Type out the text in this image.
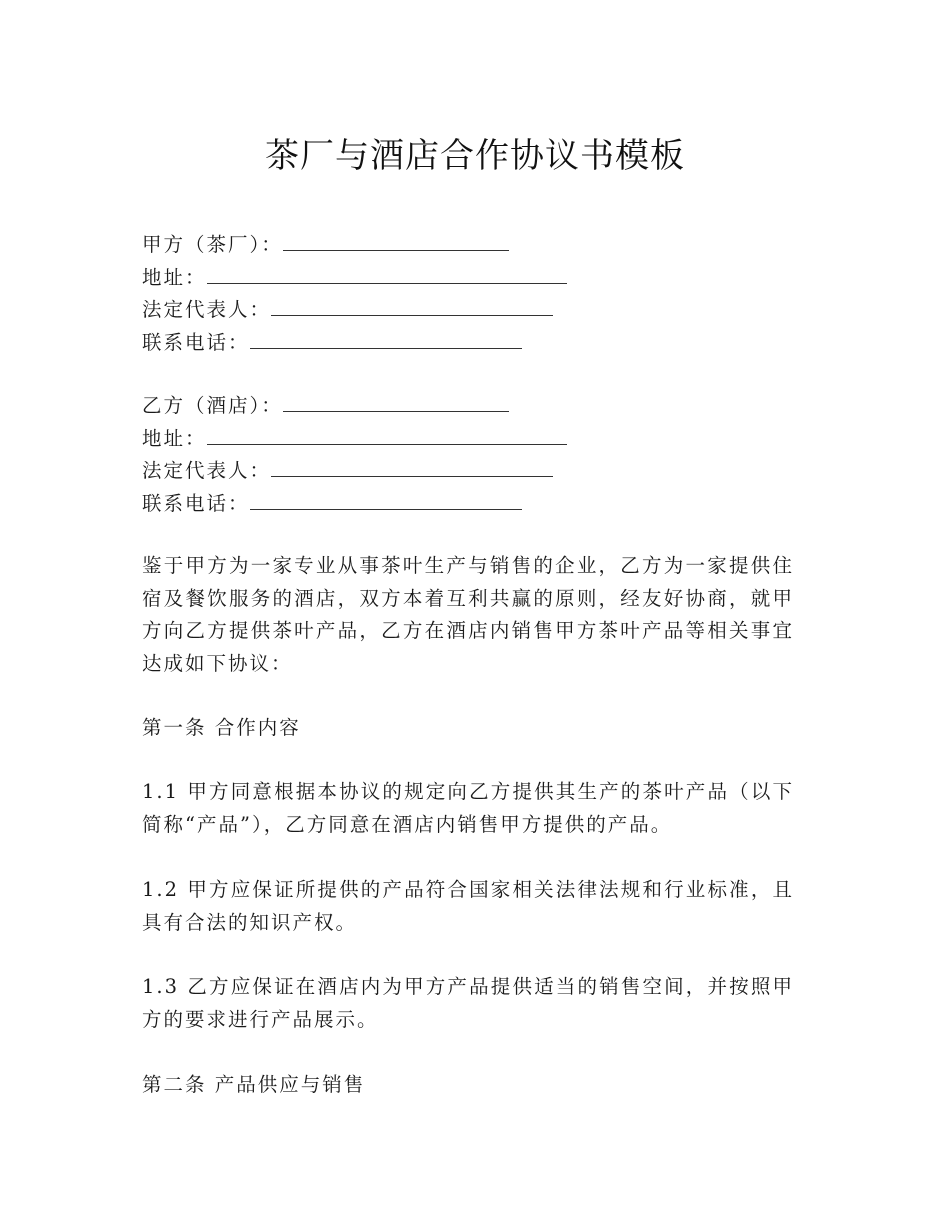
茶厂与酒店合作协议书模板
甲方（茶厂）：
地址：
法定代表人：
联系电话：
乙方（酒店）：
地址：
法定代表人：
联系电话：
鉴于甲方为一家专业从事茶叶生产与销售的企业，乙方为一家提供住宿及餐饮服务的酒店，双方本着互利共赢的原则，经友好协商，就甲方向乙方提供茶叶产品，乙方在酒店内销售甲方茶叶产品等相关事宜达成如下协议：
第一条 合作内容
1.1 甲方同意根据本协议的规定向乙方提供其生产的茶叶产品（以下简称“产品”），乙方同意在酒店内销售甲方提供的产品。
1.2 甲方应保证所提供的产品符合国家相关法律法规和行业标准，且具有合法的知识产权。
1.3 乙方应保证在酒店内为甲方产品提供适当的销售空间，并按照甲方的要求进行产品展示。
第二条 产品供应与销售
